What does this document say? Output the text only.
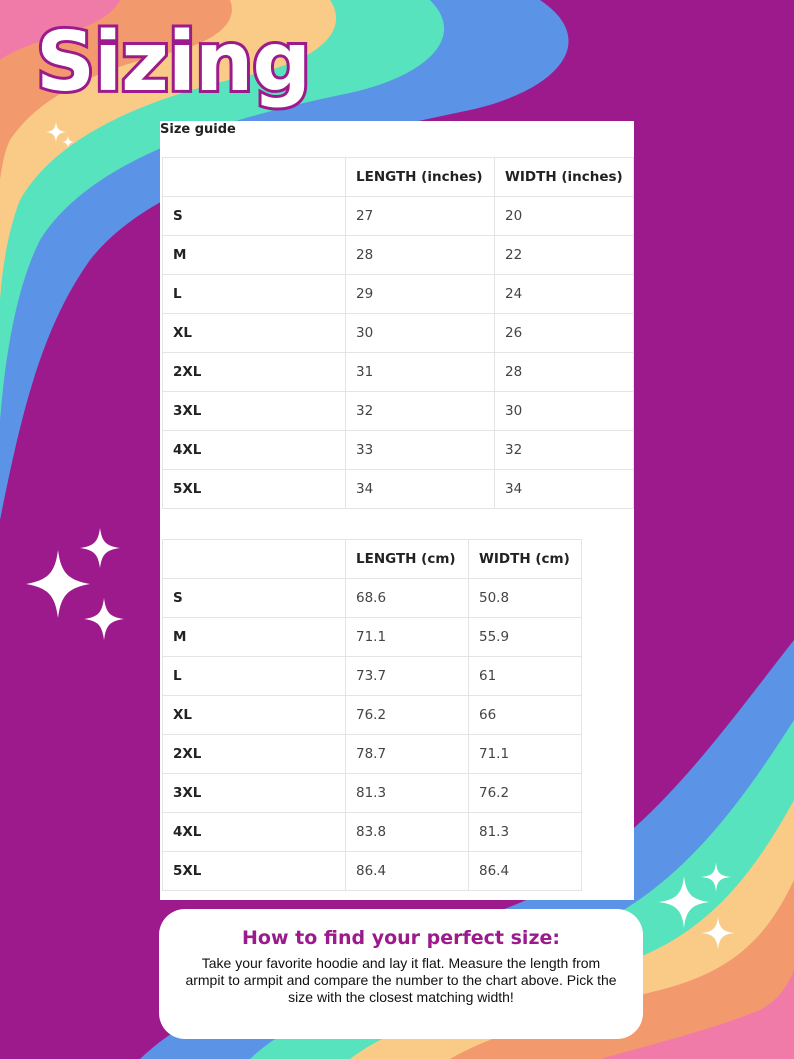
Sizing
Size guide
	LENGTH (inches)	WIDTH (inches)
S	27	20
M	28	22
L	29	24
XL	30	26
2XL	31	28
3XL	32	30
4XL	33	32
5XL	34	34
	LENGTH (cm)	WIDTH (cm)
S	68.6	50.8
M	71.1	55.9
L	73.7	61
XL	76.2	66
2XL	78.7	71.1
3XL	81.3	76.2
4XL	83.8	81.3
5XL	86.4	86.4
How to find your perfect size:

Take your favorite hoodie and lay it flat. Measure the length from armpit to armpit and compare the number to the chart above. Pick the size with the closest matching width!
